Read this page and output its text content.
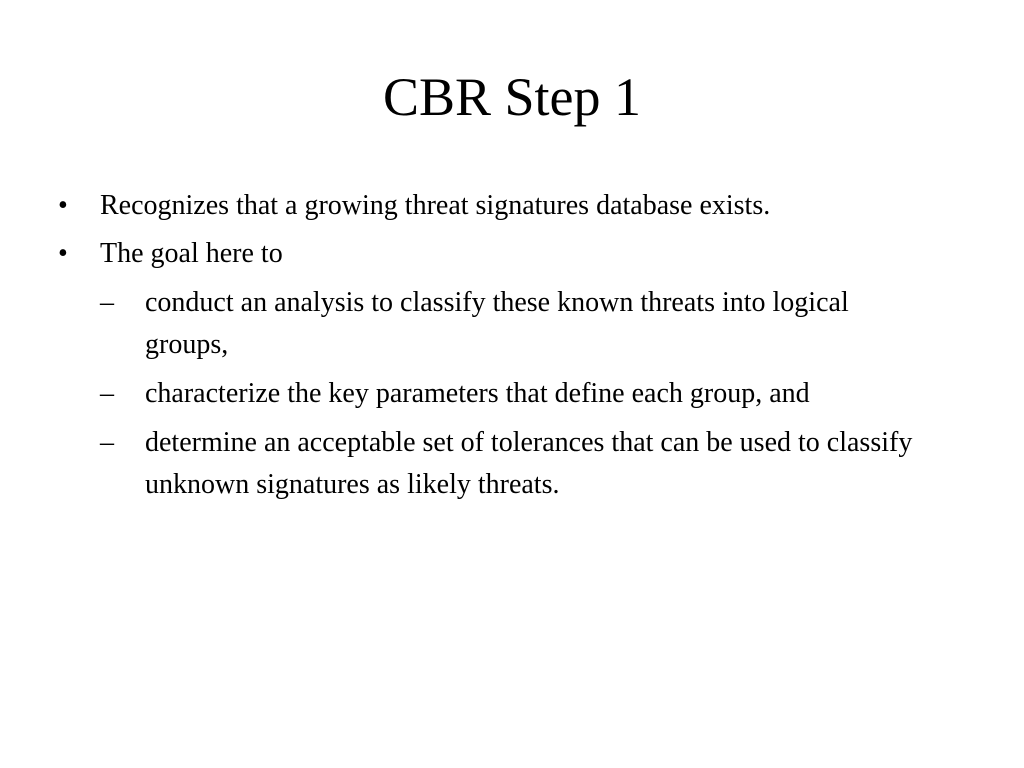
CBR Step 1
•	Recognizes that a growing threat signatures database exists.
•	The goal here to
–	conduct an analysis to classify these known threats into logical groups,
–	characterize the key parameters that define each group, and
–	determine an acceptable set of tolerances that can be used to classify unknown signatures as likely threats.
